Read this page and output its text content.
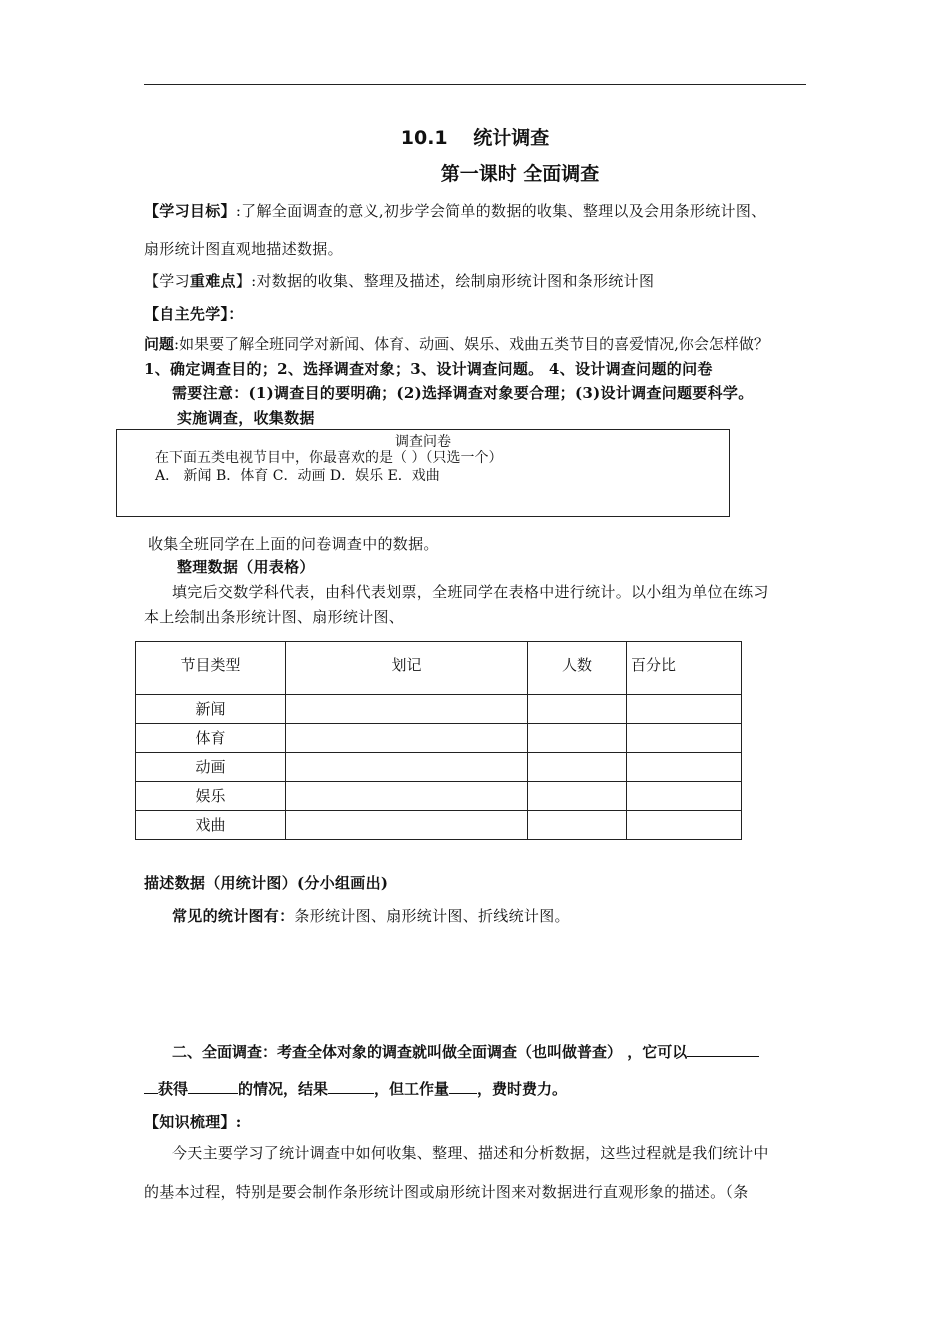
10.1　 统计调查
第一课时 全面调查
【学习目标】:了解全面调查的意义,初步学会简单的数据的收集、整理以及会用条形统计图、
扇形统计图直观地描述数据。
【学习重难点】:对数据的收集、整理及描述，绘制扇形统计图和条形统计图
【自主先学】：
问题:如果要了解全班同学对新闻、体育、动画、娱乐、戏曲五类节目的喜爱情况,你会怎样做？
1、确定调查目的；2、选择调查对象；3、设计调查问题。 4、设计调查问题的问卷
需要注意：(1)调查目的要明确；(2)选择调查对象要合理；(3)设计调查问题要科学。
实施调查，收集数据
调查问卷
在下面五类电视节目中，你最喜欢的是（ ）（只选一个）
A． 新闻 B．体育 C．动画 D．娱乐 E．戏曲
收集全班同学在上面的问卷调查中的数据。
整理数据（用表格）
填完后交数学科代表，由科代表划票，全班同学在表格中进行统计。以小组为单位在练习
本上绘制出条形统计图、扇形统计图、
节目类型	划记	人数	百分比
新闻			
体育			
动画			
娱乐			
戏曲			
描述数据（用统计图）(分小组画出)
常见的统计图有：条形统计图、扇形统计图、折线统计图。
二、全面调查：考查全体对象的调查就叫做全面调查（也叫做普查） ，它可以
获得	的情况，结果	，但工作量 ，费时费力。
【知识梳理】:
今天主要学习了统计调查中如何收集、整理、描述和分析数据，这些过程就是我们统计中
的基本过程，特别是要会制作条形统计图或扇形统计图来对数据进行直观形象的描述。（条
